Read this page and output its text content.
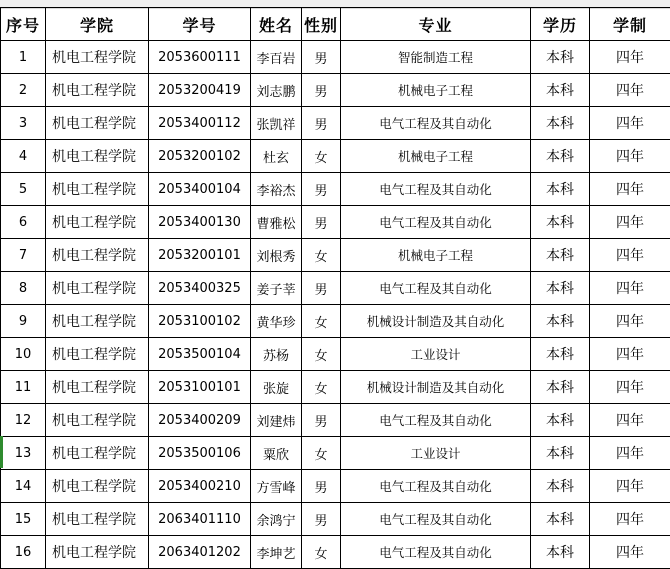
序号	学院	学号	姓名	性别	专业	学历	学制
1	机电工程学院	2053600111	李百岩	男	智能制造工程	本科	四年
2	机电工程学院	2053200419	刘志鹏	男	机械电子工程	本科	四年
3	机电工程学院	2053400112	张凯祥	男	电气工程及其自动化	本科	四年
4	机电工程学院	2053200102	杜玄	女	机械电子工程	本科	四年
5	机电工程学院	2053400104	李裕杰	男	电气工程及其自动化	本科	四年
6	机电工程学院	2053400130	曹雅松	男	电气工程及其自动化	本科	四年
7	机电工程学院	2053200101	刘根秀	女	机械电子工程	本科	四年
8	机电工程学院	2053400325	姜子莘	男	电气工程及其自动化	本科	四年
9	机电工程学院	2053100102	黄华珍	女	机械设计制造及其自动化	本科	四年
10	机电工程学院	2053500104	苏杨	女	工业设计	本科	四年
11	机电工程学院	2053100101	张旋	女	机械设计制造及其自动化	本科	四年
12	机电工程学院	2053400209	刘建炜	男	电气工程及其自动化	本科	四年
13	机电工程学院	2053500106	粟欣	女	工业设计	本科	四年
14	机电工程学院	2053400210	方雪峰	男	电气工程及其自动化	本科	四年
15	机电工程学院	2063401110	余鸿宁	男	电气工程及其自动化	本科	四年
16	机电工程学院	2063401202	李坤艺	女	电气工程及其自动化	本科	四年
